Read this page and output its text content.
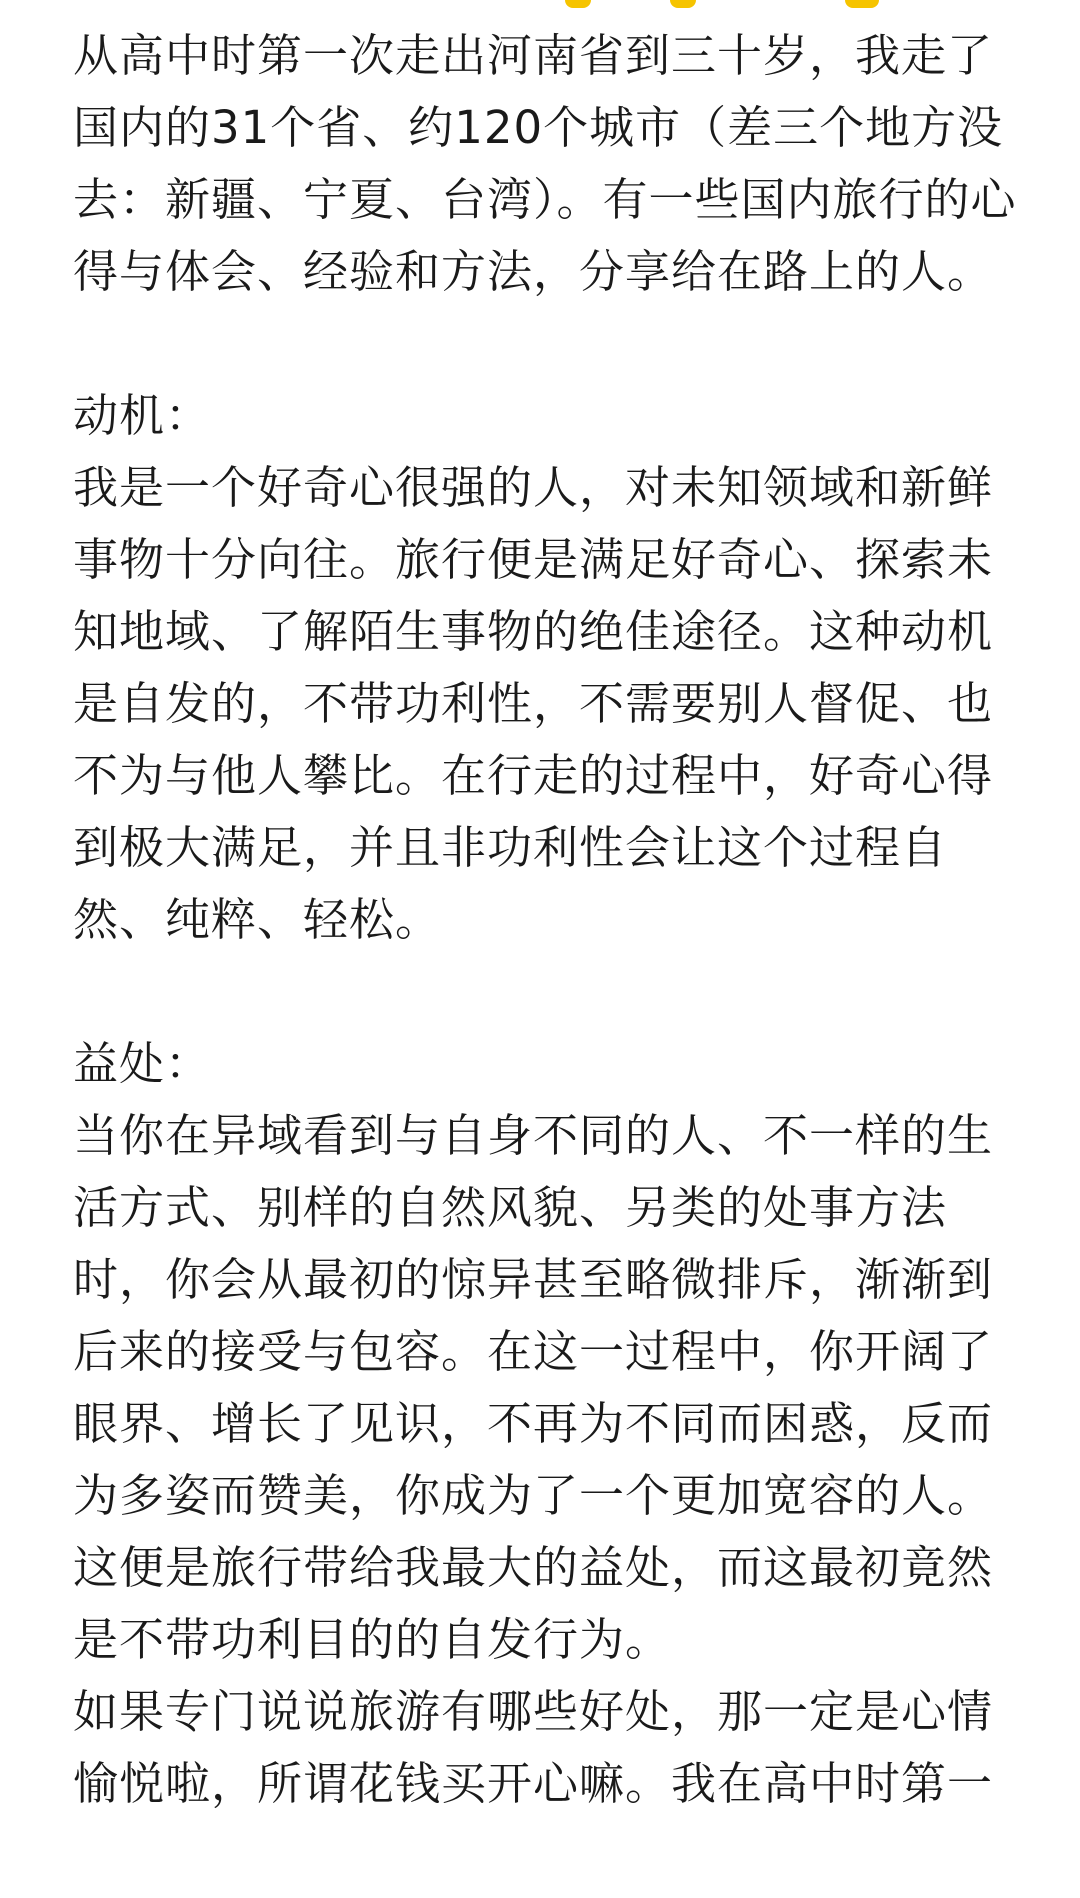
从高中时第一次走出河南省到三十岁，我走了国内的31个省、约120个城市（差三个地方没去：新疆、宁夏、台湾）。有一些国内旅行的心得与体会、经验和方法，分享给在路上的人。

动机：

我是一个好奇心很强的人，对未知领域和新鲜事物十分向往。旅行便是满足好奇心、探索未知地域、了解陌生事物的绝佳途径。这种动机是自发的，不带功利性，不需要别人督促、也不为与他人攀比。在行走的过程中，好奇心得到极大满足，并且非功利性会让这个过程自然、纯粹、轻松。

益处：

当你在异域看到与自身不同的人、不一样的生活方式、别样的自然风貌、另类的处事方法时，你会从最初的惊异甚至略微排斥，渐渐到后来的接受与包容。在这一过程中，你开阔了眼界、增长了见识，不再为不同而困惑，反而为多姿而赞美，你成为了一个更加宽容的人。这便是旅行带给我最大的益处，而这最初竟然是不带功利目的的自发行为。

如果专门说说旅游有哪些好处，那一定是心情愉悦啦，所谓花钱买开心嘛。我在高中时第一
